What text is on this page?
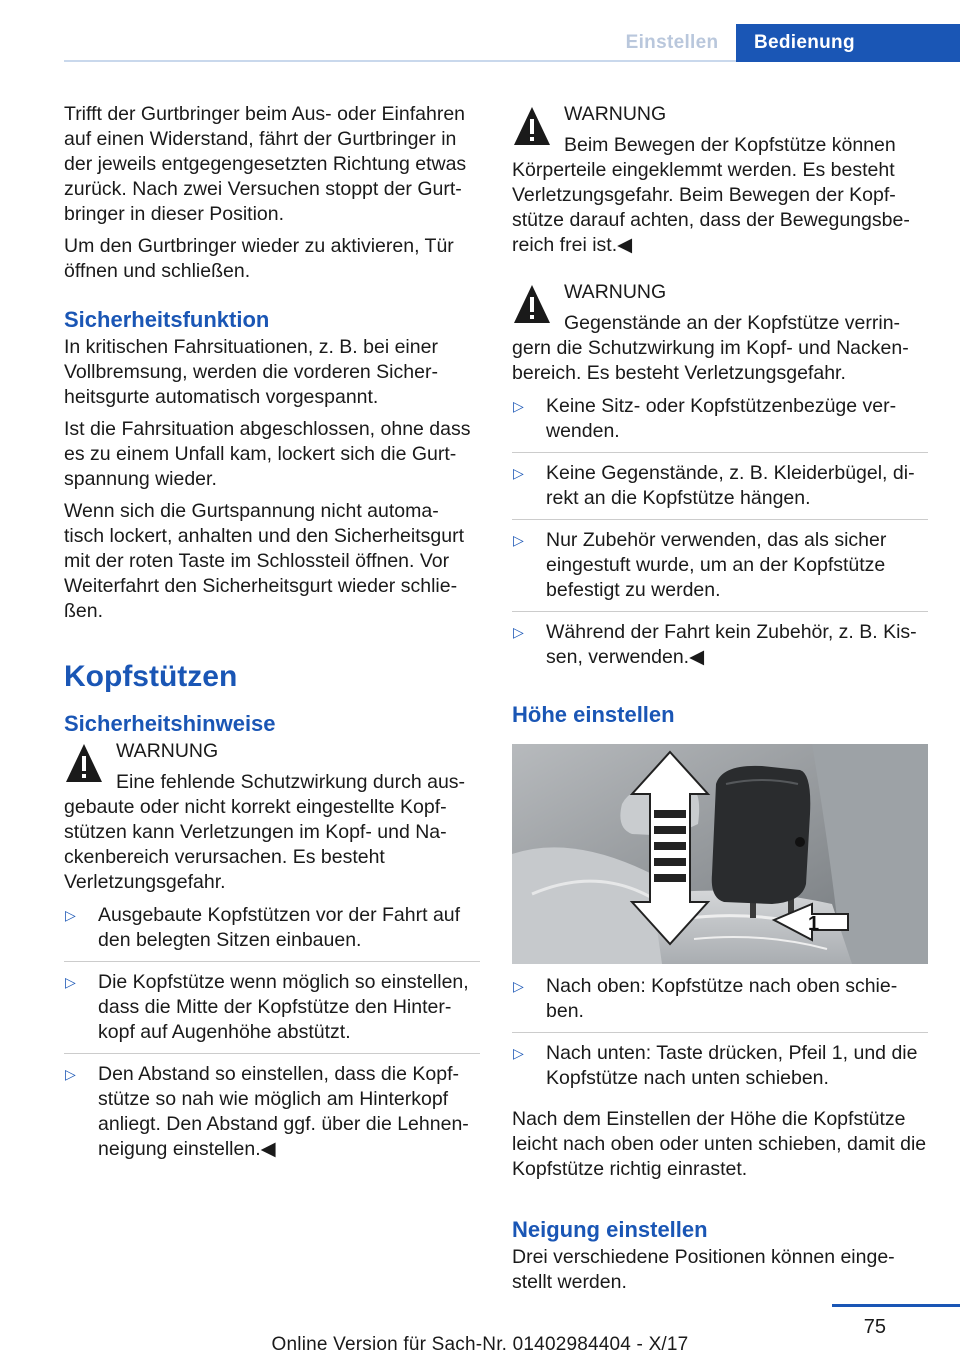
Einstellen	Bedienung

Trifft der Gurtbringer beim Aus- oder Einfahren auf einen Widerstand, fährt der Gurtbringer in der jeweils entgegengesetzten Richtung etwas zurück. Nach zwei Versuchen stoppt der Gurt‐ bringer in dieser Position.

Um den Gurtbringer wieder zu aktivieren, Tür öffnen und schließen.

Sicherheitsfunktion

In kritischen Fahrsituationen, z. B. bei einer Vollbremsung, werden die vorderen Sicher‐ heitsgurte automatisch vorgespannt.

Ist die Fahrsituation abgeschlossen, ohne dass es zu einem Unfall kam, lockert sich die Gurt‐ spannung wieder.

Wenn sich die Gurtspannung nicht automa‐ tisch lockert, anhalten und den Sicherheitsgurt mit der roten Taste im Schlossteil öffnen. Vor Weiterfahrt den Sicherheitsgurt wieder schlie‐ ßen.

Kopfstützen
Sicherheitshinweise
WARNUNG
Eine fehlende Schutzwirkung durch aus‐ gebaute oder nicht korrekt eingestellte Kopf‐ stützen kann Verletzungen im Kopf- und Na‐ ckenbereich verursachen. Es besteht Verletzungsgefahr.
▷ Ausgebaute Kopfstützen vor der Fahrt auf den belegten Sitzen einbauen.
▷ Die Kopfstütze wenn möglich so einstellen, dass die Mitte der Kopfstütze den Hinter‐ kopf auf Augenhöhe abstützt.
▷ Den Abstand so einstellen, dass die Kopf‐ stütze so nah wie möglich am Hinterkopf anliegt. Den Abstand ggf. über die Lehnen‐ neigung einstellen.◀
WARNUNG
Beim Bewegen der Kopfstütze können Körperteile eingeklemmt werden. Es besteht Verletzungsgefahr. Beim Bewegen der Kopf‐ stütze darauf achten, dass der Bewegungsbe‐ reich frei ist.◀
WARNUNG
Gegenstände an der Kopfstütze verrin‐ gern die Schutzwirkung im Kopf- und Nacken‐ bereich. Es besteht Verletzungsgefahr.
▷ Keine Sitz- oder Kopfstützenbezüge ver‐ wenden.
▷ Keine Gegenstände, z. B. Kleiderbügel, di‐ rekt an die Kopfstütze hängen.
▷ Nur Zubehör verwenden, das als sicher eingestuft wurde, um an der Kopfstütze befestigt zu werden.
▷ Während der Fahrt kein Zubehör, z. B. Kis‐ sen, verwenden.◀
Höhe einstellen
1
▷ Nach oben: Kopfstütze nach oben schie‐ ben.
▷ Nach unten: Taste drücken, Pfeil 1, und die Kopfstütze nach unten schieben.

Nach dem Einstellen der Höhe die Kopfstütze leicht nach oben oder unten schieben, damit die Kopfstütze richtig einrastet.

Neigung einstellen

Drei verschiedene Positionen können einge‐ stellt werden.

75
Online Version für Sach-Nr. 01402984404 - X/17
